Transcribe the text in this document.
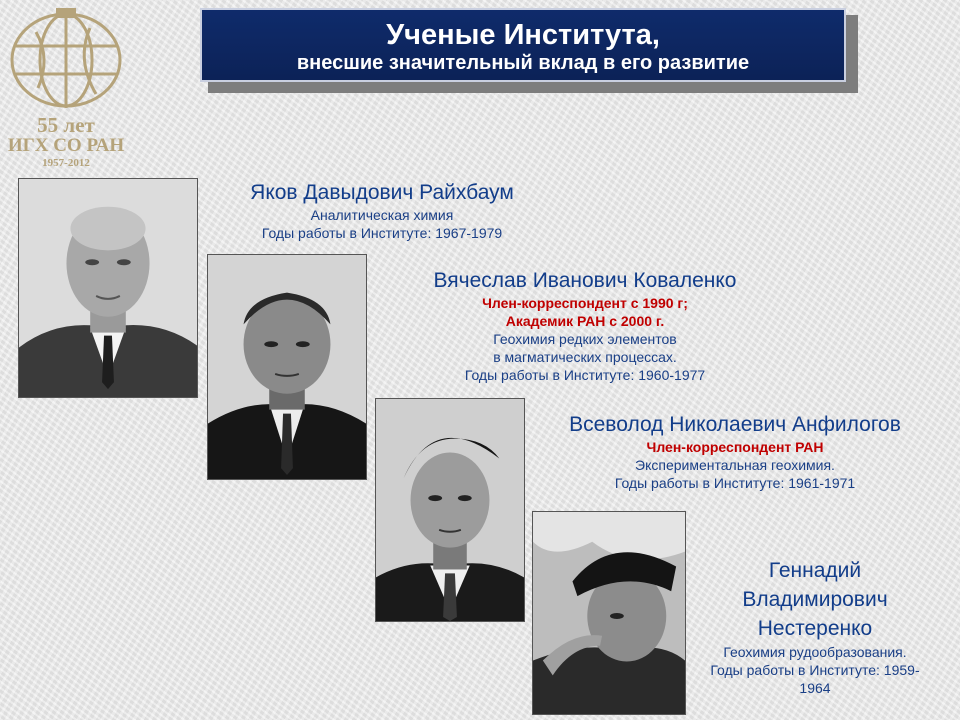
55 лет
ИГХ СО РАН
1957-2012
Ученые Института,
внесшие значительный вклад в его развитие
Яков Давыдович Райхбаум
Аналитическая химия
Годы работы в Институте: 1967-1979
Вячеслав Иванович Коваленко
Член-корреспондент с 1990 г;
Академик РАН с 2000 г.
Геохимия редких элементов
в магматических процессах.
Годы работы в Институте: 1960-1977
Всеволод Николаевич Анфилогов
Член-корреспондент РАН
Экспериментальная геохимия.
Годы работы в Институте: 1961-1971
Геннадий
Владимирович
Нестеренко
Геохимия рудообразования.
Годы работы в Институте: 1959-
1964
